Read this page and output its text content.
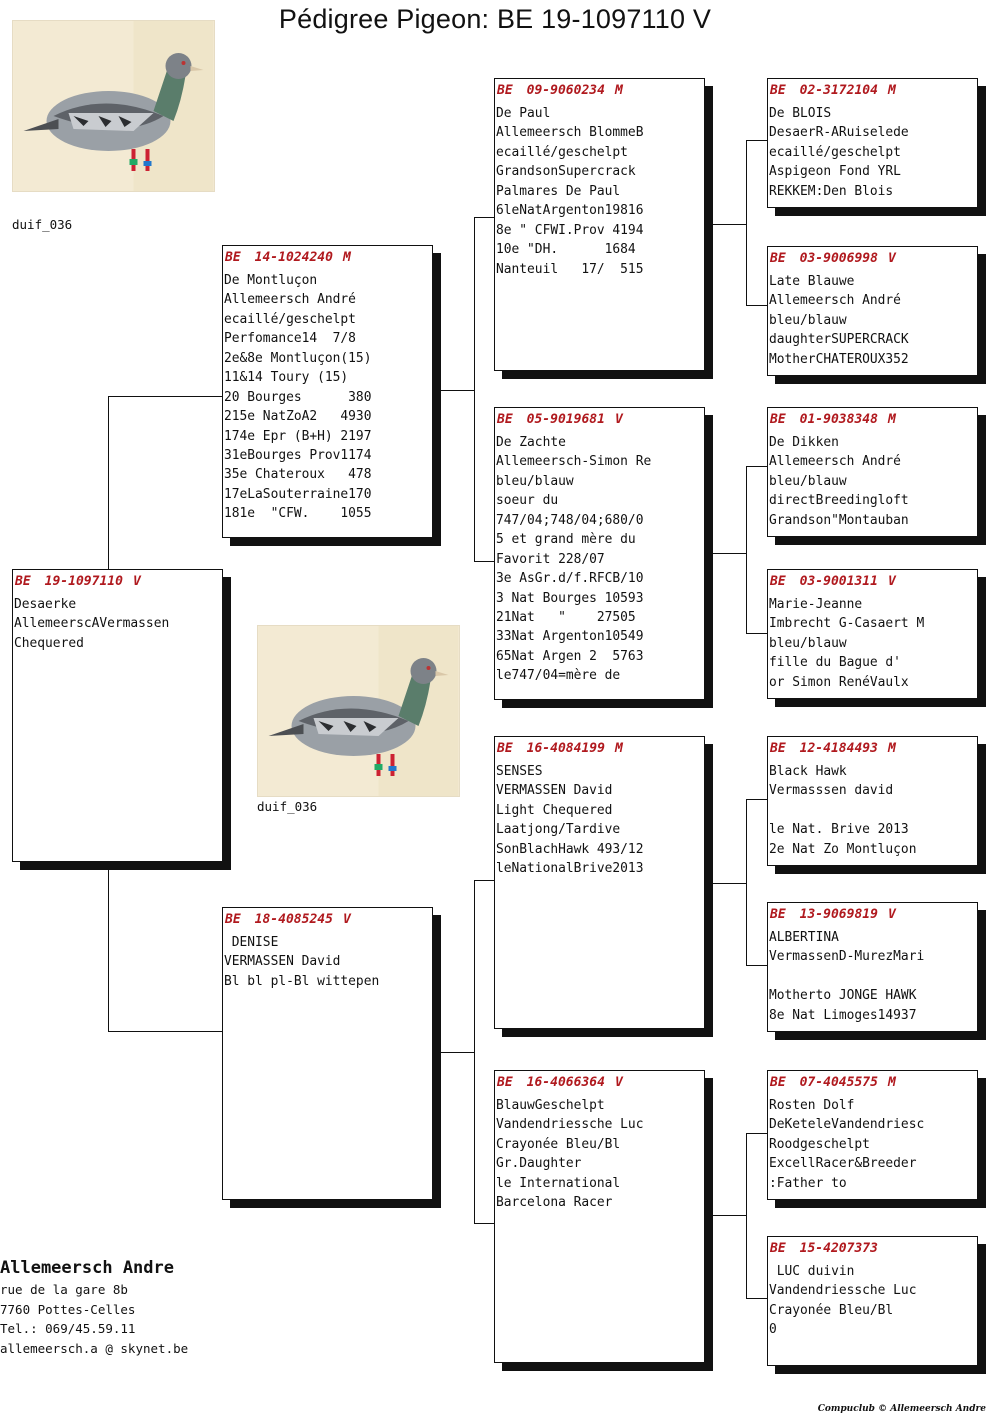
Pédigree Pigeon: BE 19-1097110 V
duif_036
duif_036
BE 19-1097110 V
Desaerke
AllemeerscAVermassen
Chequered
BE 14-1024240 M
De Montluçon
Allemeersch André
ecaillé/geschelpt
Perfomance14  7/8
2e&8e Montluçon(15)
11&14 Toury (15)
20 Bourges      380
215e NatZoA2   4930
174e Epr (B+H) 2197
31eBourges Prov1174
35e Chateroux   478
17eLaSouterraine170
181e  "CFW.    1055
BE 18-4085245 V
DENISE
VERMASSEN David
Bl bl pl-Bl wittepen
BE 09-9060234 M
De Paul
Allemeersch BlommeB
ecaillé/geschelpt
GrandsonSupercrack
Palmares De Paul
6leNatArgenton19816
8e " CFWI.Prov 4194
10e "DH.      1684
Nanteuil   17/  515
BE 05-9019681 V
De Zachte
Allemeersch-Simon Re
bleu/blauw
soeur du
747/04;748/04;680/0
5 et grand mère du
Favorit 228/07
3e AsGr.d/f.RFCB/10
3 Nat Bourges 10593
21Nat   "    27505
33Nat Argenton10549
65Nat Argen 2  5763
le747/04=mère de
BE 16-4084199 M
SENSES
VERMASSEN David
Light Chequered
Laatjong/Tardive
SonBlachHawk 493/12
leNationalBrive2013
BE 16-4066364 V
BlauwGeschelpt
Vandendriessche Luc
Crayonée Bleu/Bl
Gr.Daughter
le International
Barcelona Racer
BE 02-3172104 M
De BLOIS
DesaerR-ARuiselede
ecaillé/geschelpt
Aspigeon Fond YRL
REKKEM:Den Blois
BE 03-9006998 V
Late Blauwe
Allemeersch André
bleu/blauw
daughterSUPERCRACK
MotherCHATEROUX352
BE 01-9038348 M
De Dikken
Allemeersch André
bleu/blauw
directBreedingloft
Grandson"Montauban
BE 03-9001311 V
Marie-Jeanne
Imbrecht G-Casaert M
bleu/blauw
fille du Bague d'
or Simon RenéVaulx
BE 12-4184493 M
Black Hawk
Vermasssen david
le Nat. Brive 2013
2e Nat Zo Montluçon
BE 13-9069819 V
ALBERTINA
VermassenD-MurezMari
Motherto JONGE HAWK
8e Nat Limoges14937
BE 07-4045575 M
Rosten Dolf
DeKeteleVandendriesc
Roodgeschelpt
ExcellRacer&Breeder
:Father to
BE 15-4207373
LUC duivin
Vandendriessche Luc
Crayonée Bleu/Bl
0
Allemeersch Andre
rue de la gare 8b
7760 Pottes-Celles
Tel.: 069/45.59.11
allemeersch.a @ skynet.be
Compuclub © Allemeersch Andre
